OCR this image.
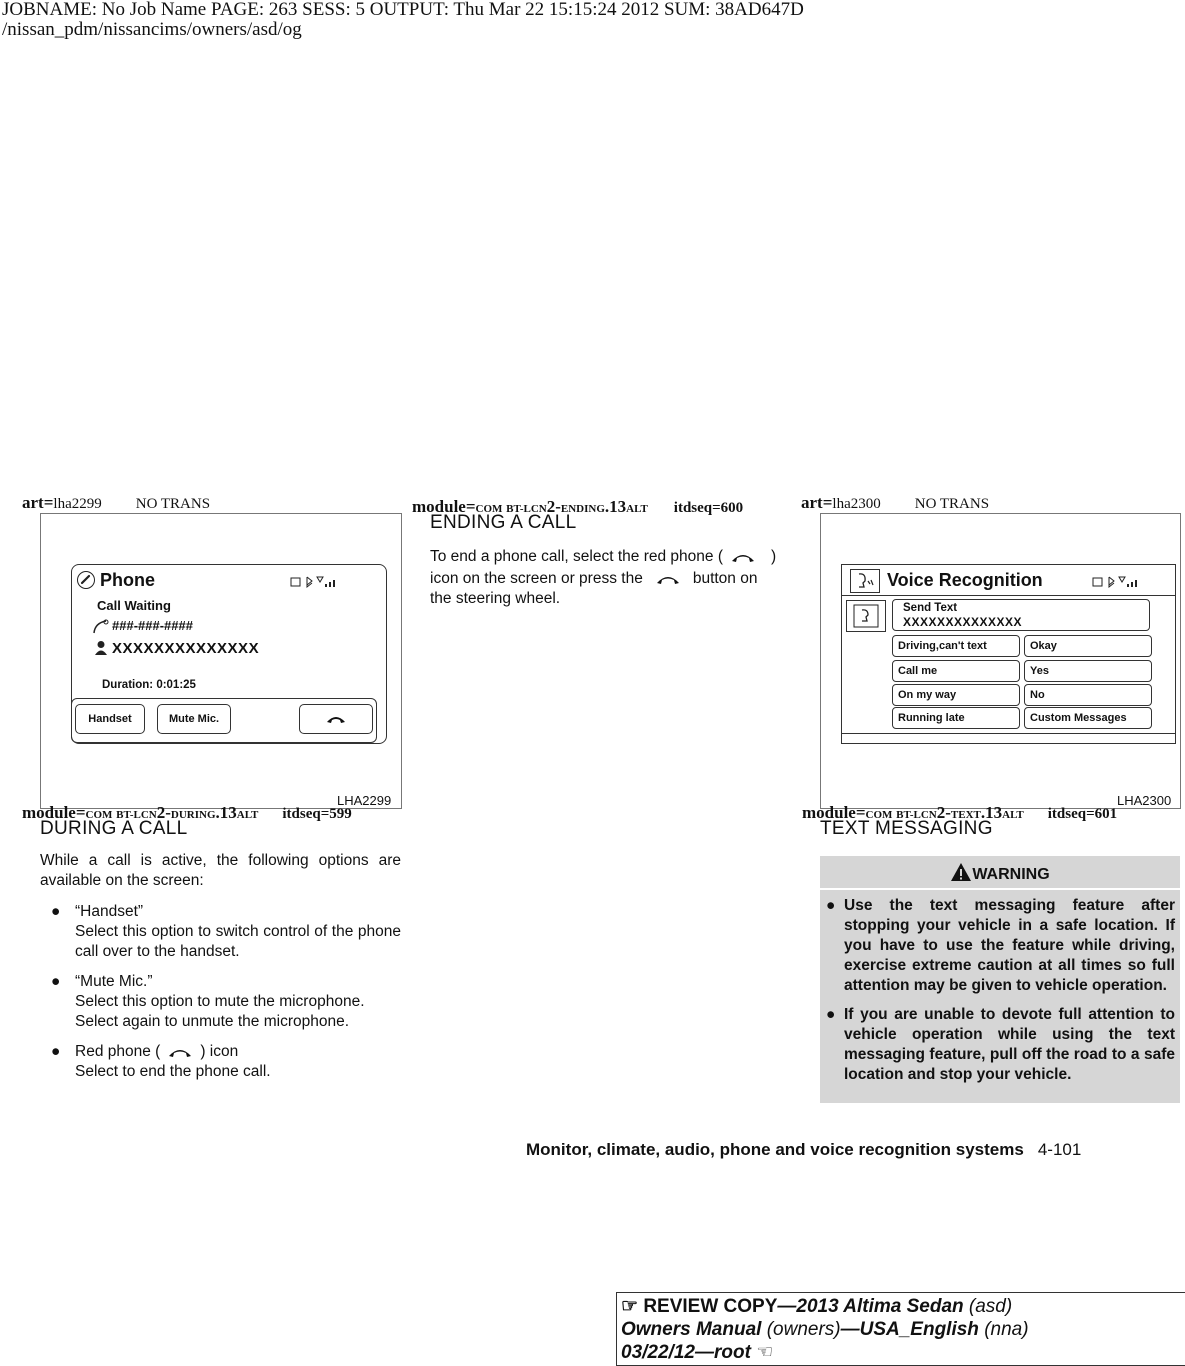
JOBNAME: No Job Name PAGE: 263 SESS: 5 OUTPUT: Thu Mar 22 15:15:24 2012 SUM: 38AD647D
/nissan_pdm/nissancims/owners/asd/og
art=lha2299 NO TRANS
Phone
Call Waiting
###-###-####
XXXXXXXXXXXXXX
Duration: 0:01:25
Handset	Mute Mic.
LHA2299
module=COM BT-LCN2-ENDING.13ALT itdseq=600
ENDING A CALL
To end a phone call, select the red phone (	)
icon on the screen or press the	button on
the steering wheel.
art=lha2300 NO TRANS
Voice Recognition
Send Text
XXXXXXXXXXXXXX
Driving,can't text	Okay
Call me	Yes
On my way	No
Running late	Custom Messages
LHA2300
module=COM BT-LCN2-DURING.13ALT itdseq=599
DURING A CALL
While a call is active, the following options are available on the screen:
● “Handset”
Select this option to switch control of the phone call over to the handset.
● “Mute Mic.”
Select this option to mute the microphone. Select again to unmute the microphone.
● Red phone (	) icon
Select to end the phone call.
module=COM BT-LCN2-TEXT.13ALT itdseq=601
TEXT MESSAGING
WARNING
● Use the text messaging feature after stopping your vehicle in a safe location. If you have to use the feature while driving, exercise extreme caution at all times so full attention may be given to vehicle operation.
● If you are unable to devote full attention to vehicle operation while using the text messaging feature, pull off the road to a safe location and stop your vehicle.
Monitor, climate, audio, phone and voice recognition systems 4-101
☞ REVIEW COPY—2013 Altima Sedan (asd)
Owners Manual (owners)—USA_English (nna)
03/22/12—root ☜
